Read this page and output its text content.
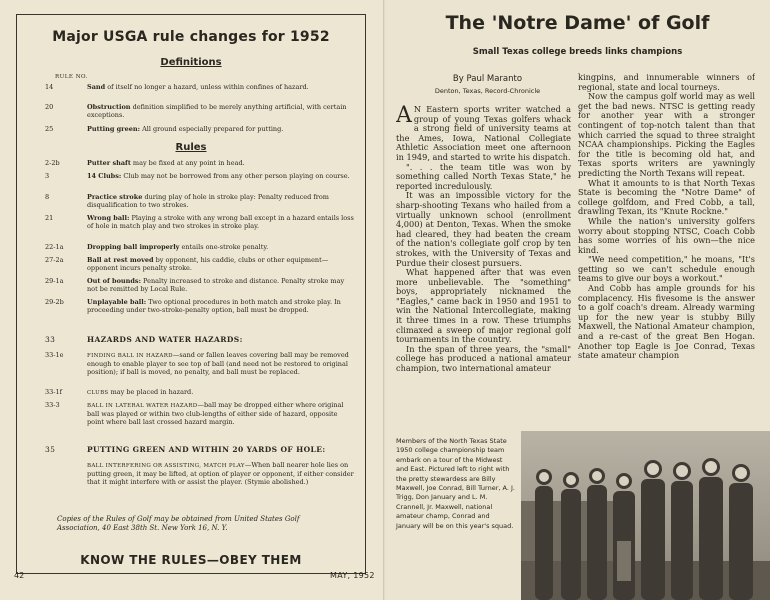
Major USGA rule changes for 1952
Definitions
RULE NO.
14	Sand of itself no longer a hazard, unless within confines of hazard.
20	Obstruction definition simplified to be merely anything artificial, with certain exceptions.
25	Putting green: All ground especially prepared for putting.
Rules
2-2b	Putter shaft may be fixed at any point in head.
3	14 Clubs: Club may not be borrowed from any other person playing on course.
8	Practice stroke during play of hole in stroke play: Penalty reduced from disqualification to two strokes.
21	Wrong ball: Playing a stroke with any wrong ball except in a hazard entails loss of hole in match play and two strokes in stroke play.
22-1a	Dropping ball improperly entails one-stroke penalty.
27-2a	Ball at rest moved by opponent, his caddie, clubs or other equipment—opponent incurs penalty stroke.
29-1a	Out of bounds: Penalty increased to stroke and distance. Penalty stroke may not be remitted by Local Rule.
29-2b	Unplayable ball: Two optional procedures in both match and stroke play. In proceeding under two-stroke-penalty option, ball must be dropped.
33	HAZARDS AND WATER HAZARDS:
33-1e	FINDING BALL IN HAZARD—sand or fallen leaves covering ball may be removed enough to enable player to see top of ball (and need not be restored to original position); if ball is moved, no penalty, and ball must be replaced.
33-1f	CLUBS may be placed in hazard.
33-3	BALL IN LATERAL WATER HAZARD—ball may be dropped either where original ball was played or within two club-lengths of either side of hazard, opposite point where ball last crossed hazard margin.
35	PUTTING GREEN AND WITHIN 20 YARDS OF HOLE:
BALL INTERFERING OR ASSISTING, MATCH PLAY—When ball nearer hole lies on putting green, it may be lifted, at option of player or opponent, if either consider that it might interfere with or assist the player. (Stymie abolished.)
Copies of the Rules of Golf may be obtained from United States Golf Association, 40 East 38th St. New York 16, N. Y.
KNOW THE RULES—OBEY THEM
42	MAY, 1952
The 'Notre Dame' of Golf
Small Texas college breeds links champions
By Paul Maranto
Denton, Texas, Record-Chronicle

A N Eastern sports writer watched a group of young Texas golfers whack a strong field of university teams at the Ames, Iowa, National Collegiate Athletic Association meet one afternoon in 1949, and started to write his dispatch.

". . . the team title was won by something called North Texas State," he reported incredulously.

It was an impossible victory for the sharp-shooting Texans who hailed from a virtually unknown school (enrollment 4,000) at Denton, Texas. When the smoke had cleared, they had beaten the cream of the nation's collegiate golf crop by ten strokes, with the University of Texas and Purdue their closest pursuers.

What happened after that was even more unbelievable. The "something" boys, appropriately nicknamed the "Eagles," came back in 1950 and 1951 to win the National Intercollegiate, making it three times in a row. These triumphs climaxed a sweep of major regional golf tournaments in the country.

In the span of three years, the "small" college has produced a national amateur champion, two international amateur

kingpins, and innumerable winners of regional, state and local tourneys.

Now the campus golf world may as well get the bad news. NTSC is getting ready for another year with a stronger contingent of top-notch talent than that which carried the squad to three straight NCAA championships. Picking the Eagles for the title is becoming old hat, and Texas sports writers are yawningly predicting the North Texans will repeat.

What it amounts to is that North Texas State is becoming the "Notre Dame" of college golfdom, and Fred Cobb, a tall, drawling Texan, its "Knute Rockne."

While the nation's university golfers worry about stopping NTSC, Coach Cobb has some worries of his own—the nice kind.

"We need competition," he moans, "It's getting so we can't schedule enough teams to give our boys a workout."

And Cobb has ample grounds for his complacency. His fivesome is the answer to a golf coach's dream. Already warming up for the new year is stubby Billy Maxwell, the National Amateur champion, and a re-cast of the great Ben Hogan. Another top Eagle is Joe Conrad, Texas state amateur champion

Members of the North Texas State 1950 college championship team embark on a tour of the Midwest and East. Pictured left to right with the pretty stewardess are Billy Maxwell, Joe Conrad, Bill Turner, A. J. Trigg, Don January and L. M. Crannell, Jr. Maxwell, national amateur champ, Conrad and January will be on this year's squad.
